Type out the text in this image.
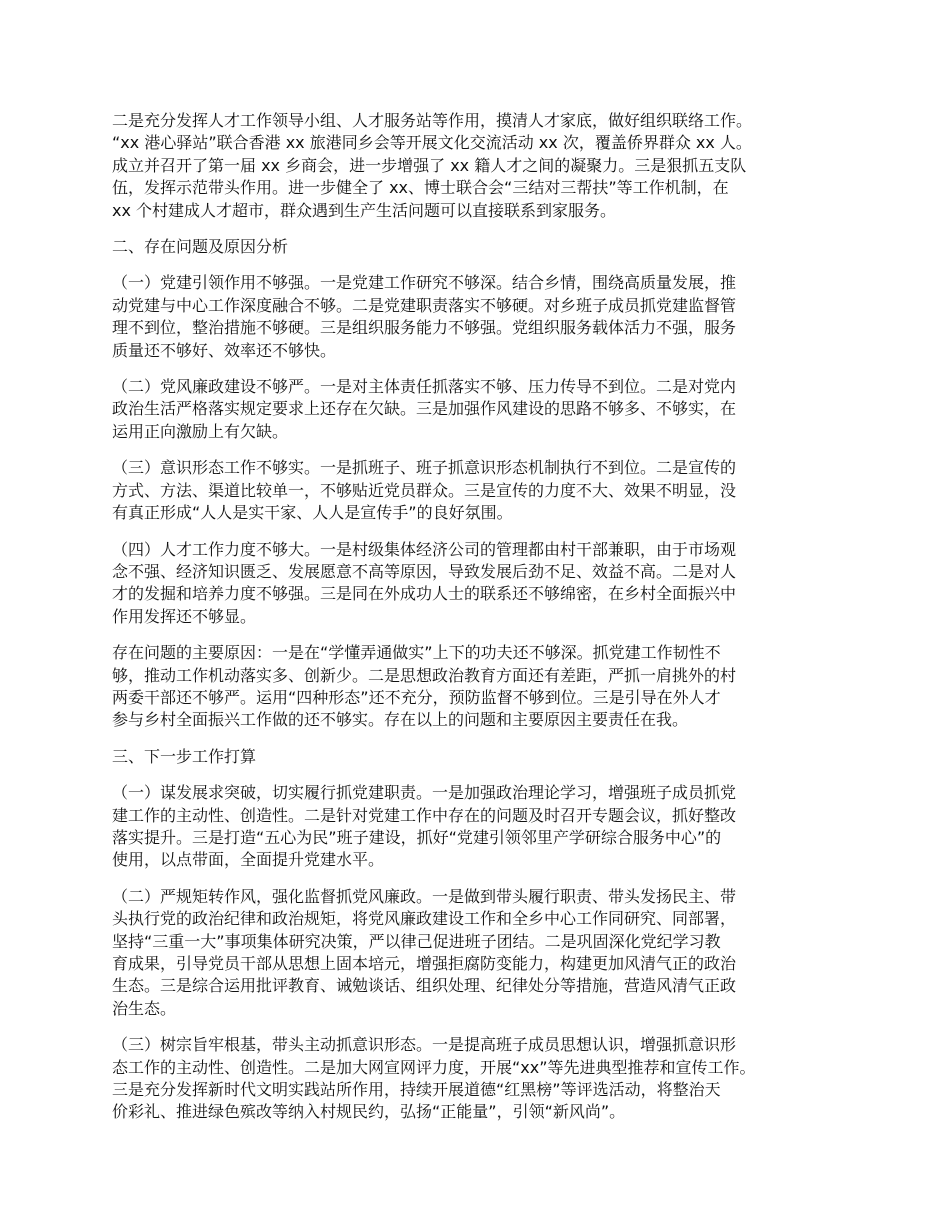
二是充分发挥人才工作领导小组、人才服务站等作用，摸清人才家底，做好组织联络工作。
“xx 港心驿站”联合香港 xx 旅港同乡会等开展文化交流活动 xx 次，覆盖侨界群众 xx 人。
成立并召开了第一届 xx 乡商会，进一步增强了 xx 籍人才之间的凝聚力。三是狠抓五支队
伍，发挥示范带头作用。进一步健全了 xx、博士联合会“三结对三帮扶”等工作机制，在
xx 个村建成人才超市，群众遇到生产生活问题可以直接联系到家服务。
二、存在问题及原因分析
（一）党建引领作用不够强。一是党建工作研究不够深。结合乡情，围绕高质量发展，推
动党建与中心工作深度融合不够。二是党建职责落实不够硬。对乡班子成员抓党建监督管
理不到位，整治措施不够硬。三是组织服务能力不够强。党组织服务载体活力不强，服务
质量还不够好、效率还不够快。
（二）党风廉政建设不够严。一是对主体责任抓落实不够、压力传导不到位。二是对党内
政治生活严格落实规定要求上还存在欠缺。三是加强作风建设的思路不够多、不够实，在
运用正向激励上有欠缺。
（三）意识形态工作不够实。一是抓班子、班子抓意识形态机制执行不到位。二是宣传的
方式、方法、渠道比较单一，不够贴近党员群众。三是宣传的力度不大、效果不明显，没
有真正形成“人人是实干家、人人是宣传手”的良好氛围。
（四）人才工作力度不够大。一是村级集体经济公司的管理都由村干部兼职，由于市场观
念不强、经济知识匮乏、发展愿意不高等原因，导致发展后劲不足、效益不高。二是对人
才的发掘和培养力度不够强。三是同在外成功人士的联系还不够绵密，在乡村全面振兴中
作用发挥还不够显。
存在问题的主要原因：一是在“学懂弄通做实”上下的功夫还不够深。抓党建工作韧性不
够，推动工作机动落实多、创新少。二是思想政治教育方面还有差距，严抓一肩挑外的村
两委干部还不够严。运用“四种形态”还不充分，预防监督不够到位。三是引导在外人才
参与乡村全面振兴工作做的还不够实。存在以上的问题和主要原因主要责任在我。
三、下一步工作打算
（一）谋发展求突破，切实履行抓党建职责。一是加强政治理论学习，增强班子成员抓党
建工作的主动性、创造性。二是针对党建工作中存在的问题及时召开专题会议，抓好整改
落实提升。三是打造“五心为民”班子建设，抓好“党建引领邻里产学研综合服务中心”的
使用，以点带面，全面提升党建水平。
（二）严规矩转作风，强化监督抓党风廉政。一是做到带头履行职责、带头发扬民主、带
头执行党的政治纪律和政治规矩，将党风廉政建设工作和全乡中心工作同研究、同部署，
坚持“三重一大”事项集体研究决策，严以律己促进班子团结。二是巩固深化党纪学习教
育成果，引导党员干部从思想上固本培元，增强拒腐防变能力，构建更加风清气正的政治
生态。三是综合运用批评教育、诫勉谈话、组织处理、纪律处分等措施，营造风清气正政
治生态。
（三）树宗旨牢根基，带头主动抓意识形态。一是提高班子成员思想认识，增强抓意识形
态工作的主动性、创造性。二是加大网宣网评力度，开展“xx”等先进典型推荐和宣传工作。
三是充分发挥新时代文明实践站所作用，持续开展道德“红黑榜”等评选活动，将整治天
价彩礼、推进绿色殡改等纳入村规民约，弘扬“正能量”，引领“新风尚”。
